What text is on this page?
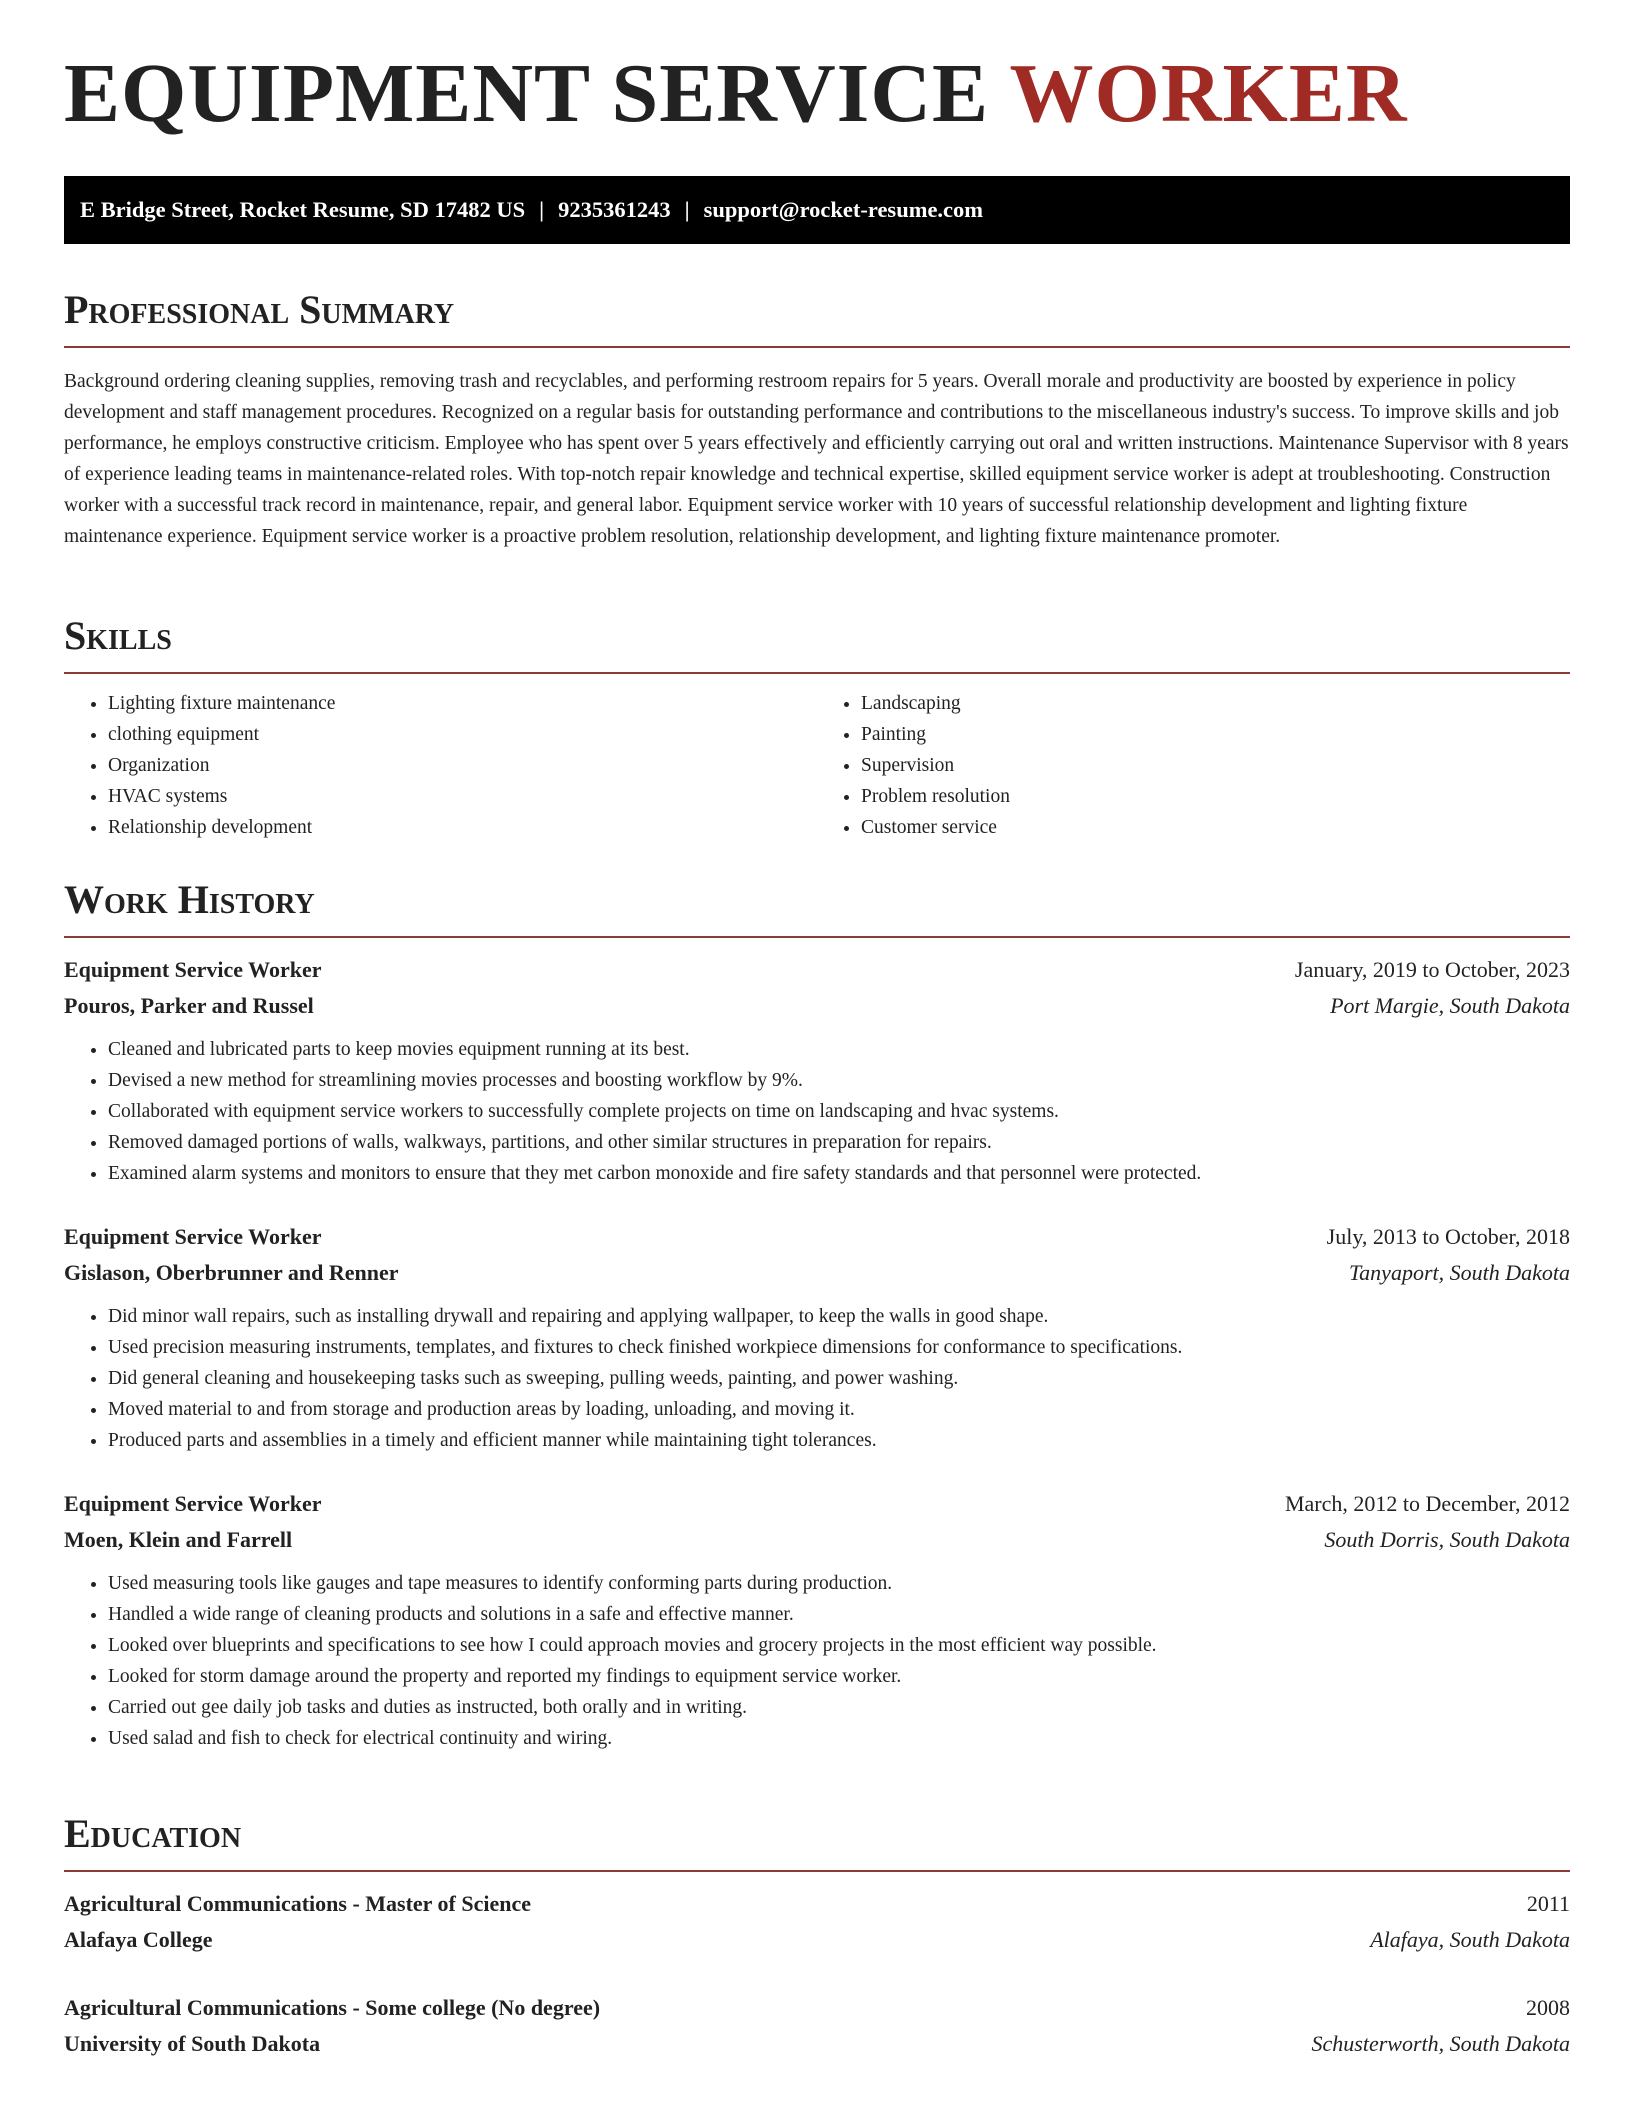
EQUIPMENT SERVICE WORKER
E Bridge Street, Rocket Resume, SD 17482 US | 9235361243 | support@rocket-resume.com
Professional Summary

Background ordering cleaning supplies, removing trash and recyclables, and performing restroom repairs for 5 years. Overall morale and productivity are boosted by experience in policy development and staff management procedures. Recognized on a regular basis for outstanding performance and contributions to the miscellaneous industry's success. To improve skills and job performance, he employs constructive criticism. Employee who has spent over 5 years effectively and efficiently carrying out oral and written instructions. Maintenance Supervisor with 8 years of experience leading teams in maintenance-related roles. With top-notch repair knowledge and technical expertise, skilled equipment service worker is adept at troubleshooting. Construction worker with a successful track record in maintenance, repair, and general labor. Equipment service worker with 10 years of successful relationship development and lighting fixture maintenance experience. Equipment service worker is a proactive problem resolution, relationship development, and lighting fixture maintenance promoter.

Skills
• Lighting fixture maintenance
• clothing equipment
• Organization
• HVAC systems
• Relationship development
• Landscaping
• Painting
• Supervision
• Problem resolution
• Customer service
Work History
Equipment Service Worker	January, 2019 to October, 2023
Pouros, Parker and Russel	Port Margie, South Dakota
• Cleaned and lubricated parts to keep movies equipment running at its best.
• Devised a new method for streamlining movies processes and boosting workflow by 9%.
• Collaborated with equipment service workers to successfully complete projects on time on landscaping and hvac systems.
• Removed damaged portions of walls, walkways, partitions, and other similar structures in preparation for repairs.
• Examined alarm systems and monitors to ensure that they met carbon monoxide and fire safety standards and that personnel were protected.
Equipment Service Worker	July, 2013 to October, 2018
Gislason, Oberbrunner and Renner	Tanyaport, South Dakota
• Did minor wall repairs, such as installing drywall and repairing and applying wallpaper, to keep the walls in good shape.
• Used precision measuring instruments, templates, and fixtures to check finished workpiece dimensions for conformance to specifications.
• Did general cleaning and housekeeping tasks such as sweeping, pulling weeds, painting, and power washing.
• Moved material to and from storage and production areas by loading, unloading, and moving it.
• Produced parts and assemblies in a timely and efficient manner while maintaining tight tolerances.
Equipment Service Worker	March, 2012 to December, 2012
Moen, Klein and Farrell	South Dorris, South Dakota
• Used measuring tools like gauges and tape measures to identify conforming parts during production.
• Handled a wide range of cleaning products and solutions in a safe and effective manner.
• Looked over blueprints and specifications to see how I could approach movies and grocery projects in the most efficient way possible.
• Looked for storm damage around the property and reported my findings to equipment service worker.
• Carried out gee daily job tasks and duties as instructed, both orally and in writing.
• Used salad and fish to check for electrical continuity and wiring.
Education
Agricultural Communications - Master of Science	2011
Alafaya College	Alafaya, South Dakota
Agricultural Communications - Some college (No degree)	2008
University of South Dakota	Schusterworth, South Dakota
